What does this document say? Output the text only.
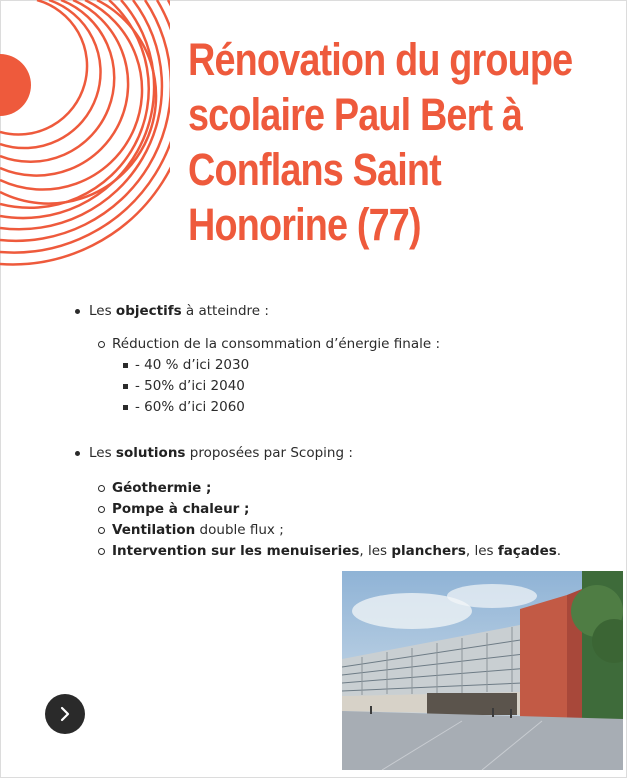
Rénovation du groupe
scolaire Paul Bert à
Conflans Saint
Honorine (77)

Les objectifs à atteindre :

Réduction de la consommation d’énergie finale :

- 40 % d’ici 2030

- 50% d’ici 2040

- 60% d’ici 2060

Les solutions proposées par Scoping :

Géothermie ;

Pompe à chaleur ;

Ventilation double flux ;

Intervention sur les menuiseries, les planchers, les façades.
